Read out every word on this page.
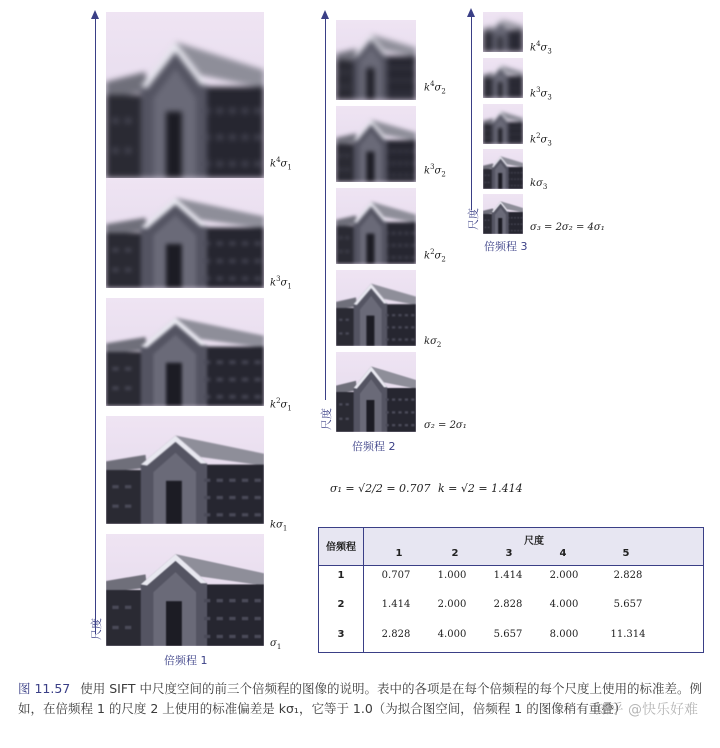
尺度
$k^4\sigma_1$
$k^3\sigma_1$
$k^2\sigma_1$
$k\sigma_1$
$\sigma_1$
倍频程 1
尺度
$k^4\sigma_2$
$k^3\sigma_2$
$k^2\sigma_2$
$k\sigma_2$
σ₂ = 2σ₁
倍频程 2
尺度
$k^4\sigma_3$
$k^3\sigma_3$
$k^2\sigma_3$
$k\sigma_3$
σ₃ = 2σ₂ = 4σ₁
倍频程 3
σ₁ = √2/2 = 0.707 k = √2 = 1.414
倍频程
尺度
1	2	3	4	5
1	0.707	1.000	1.414	2.000	2.828
2	1.414	2.000	2.828	4.000	5.657
3	2.828	4.000	5.657	8.000	11.314
图 11.57 使用 SIFT 中尺度空间的前三个倍频程的图像的说明。表中的各项是在每个倍频程的每个尺度上使用的标准差。例如，在倍频程 1 的尺度 2 上使用的标准偏差是 kσ₁，它等于 1.0（为拟合图空间，倍频程 1 的图像稍有重叠）
知乎 @快乐好难
